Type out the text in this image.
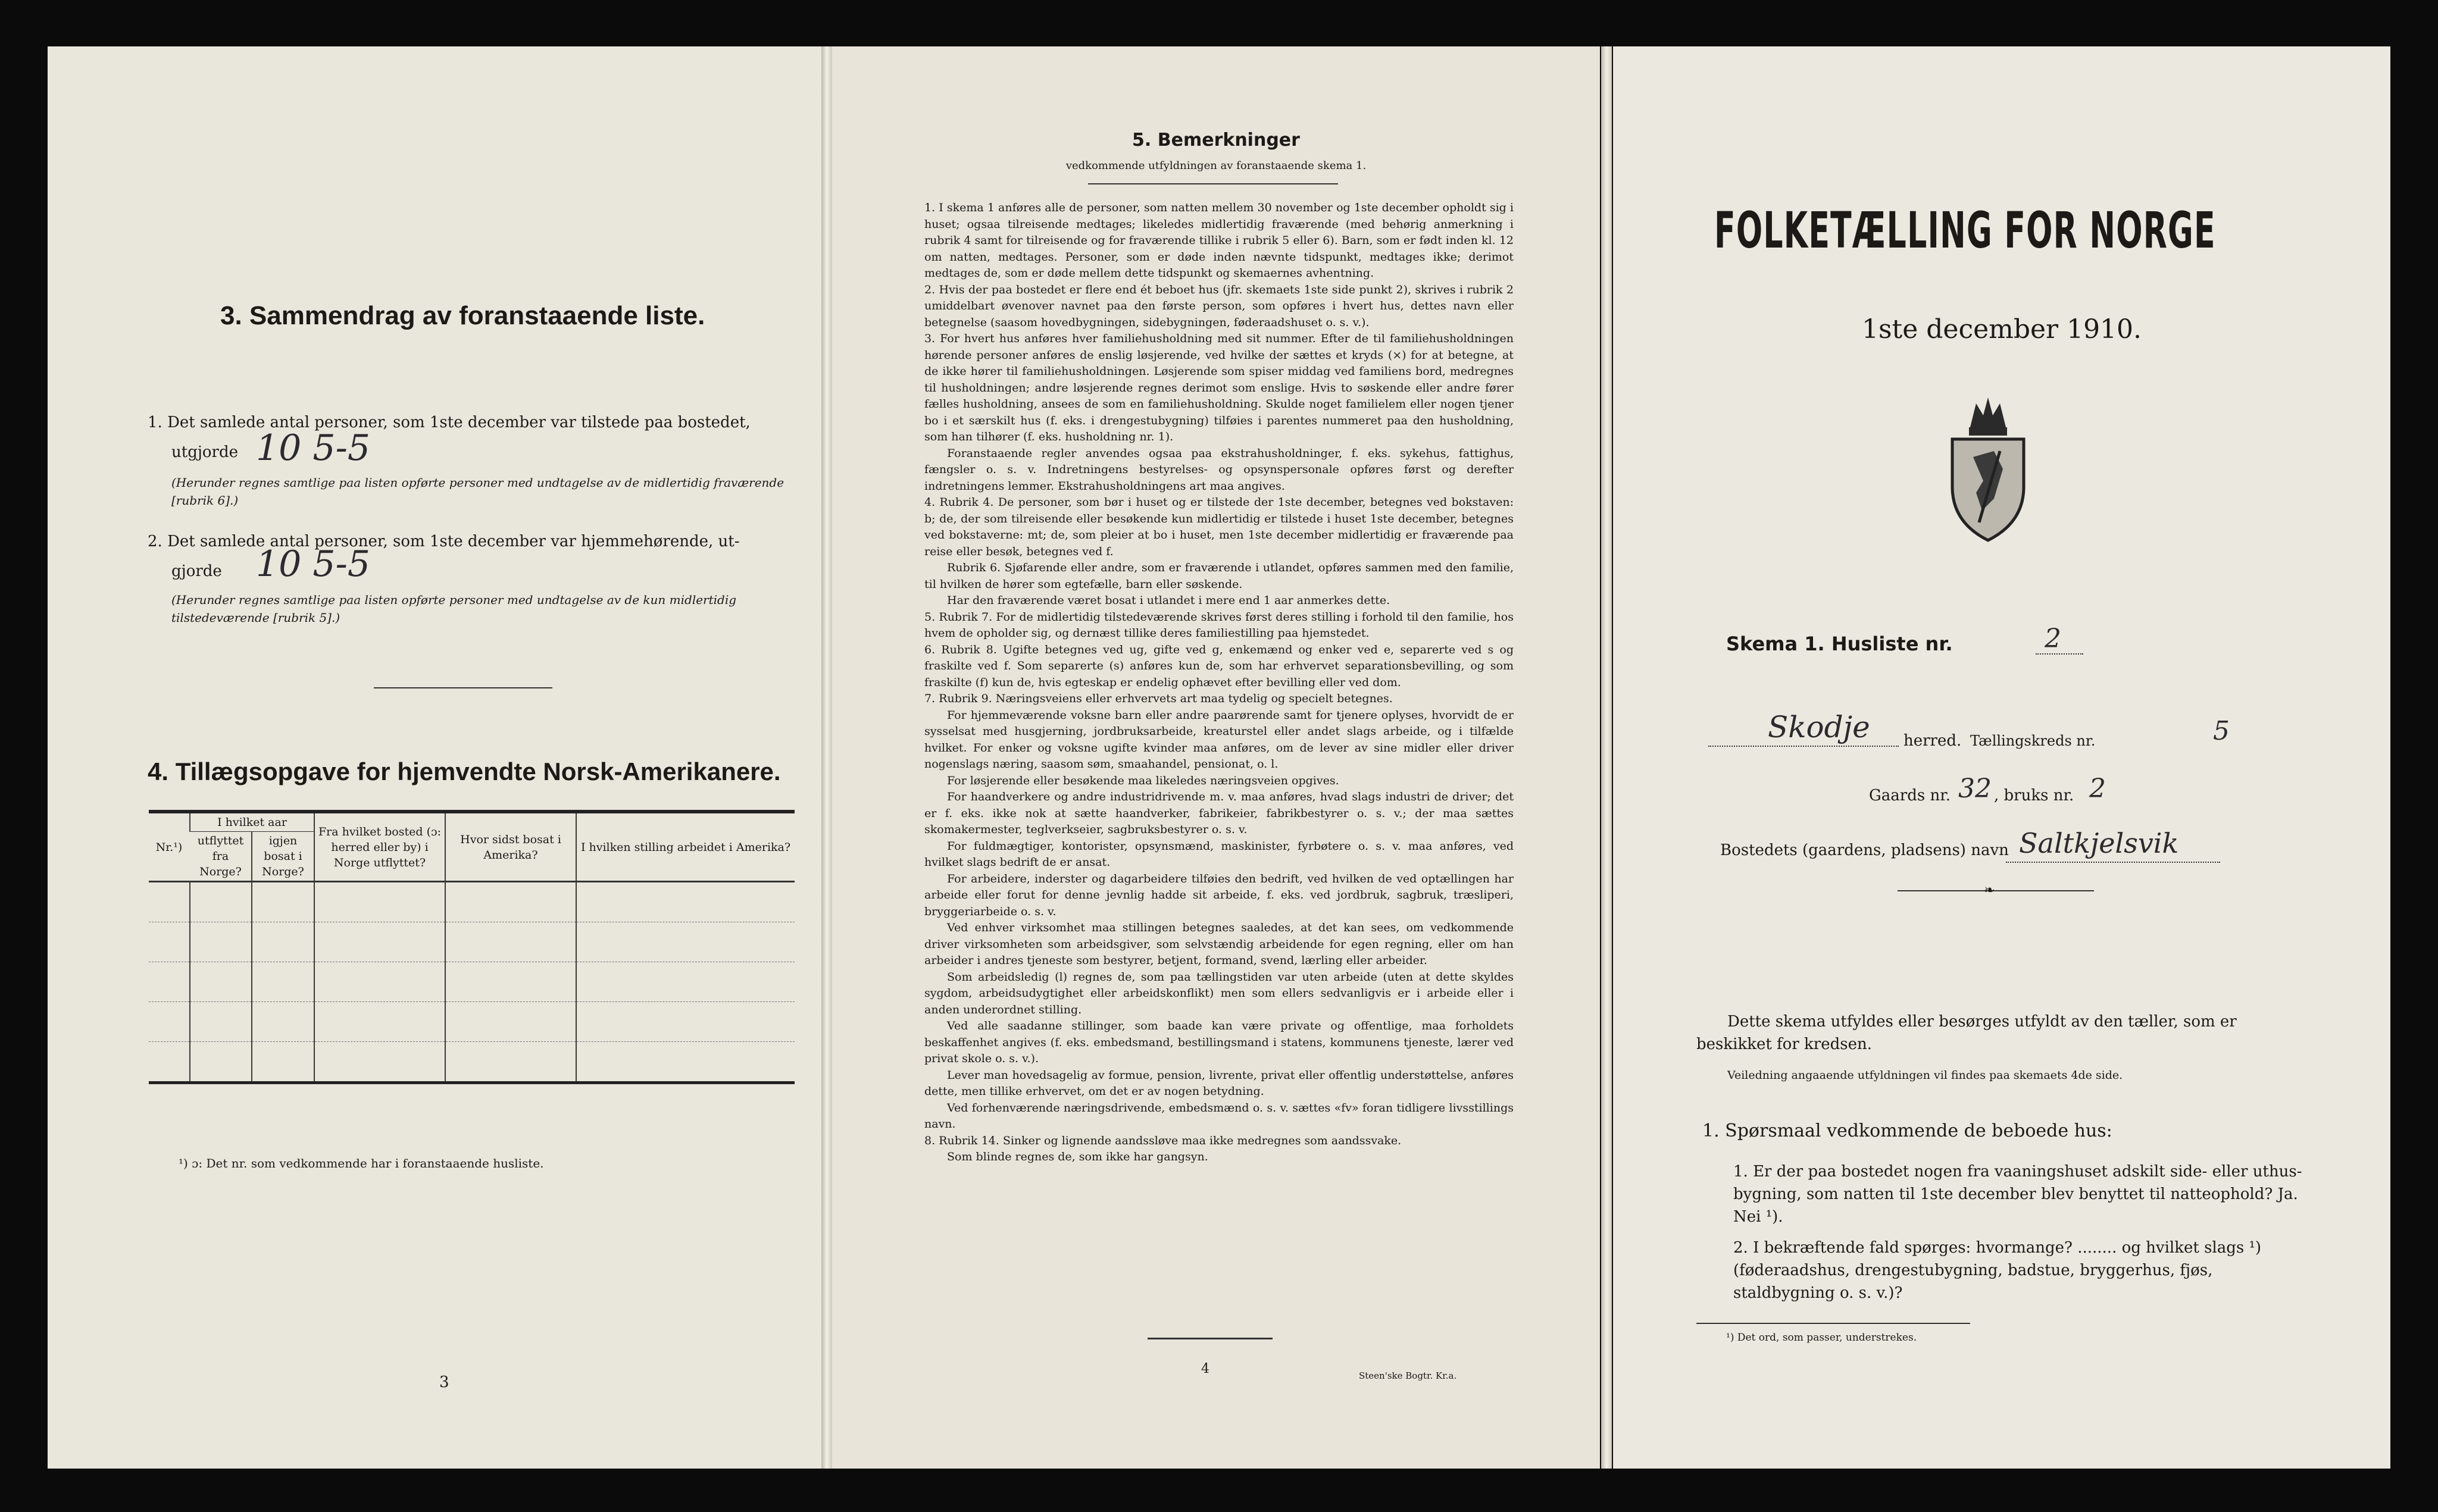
3. Sammendrag av foranstaaende liste.
1. Det samlede antal personer, som 1ste december var tilstede paa bostedet,
utgjorde 10 5-5
(Herunder regnes samtlige paa listen opførte personer med undtagelse av de midlertidig fraværende [rubrik 6].)
2. Det samlede antal personer, som 1ste december var hjemmehørende, ut-
gjorde 10 5-5
(Herunder regnes samtlige paa listen opførte personer med undtagelse av de kun midlertidig tilstedeværende [rubrik 5].)
4. Tillægsopgave for hjemvendte Norsk-Amerikanere.
Nr.¹)	I hvilket aar		Fra hvilket bosted (ɔ: herred eller by) i Norge utflyttet?	Hvor sidst bosat i Amerika?	I hvilken stilling arbeidet i Amerika?
	utflyttet fra Norge?	igjen bosat i Norge?			

¹) ɔ: Det nr. som vedkommende har i foranstaaende husliste.
3
5. Bemerkninger
vedkommende utfyldningen av foranstaaende skema 1.

1. I skema 1 anføres alle de personer, som natten mellem 30 november og 1ste december opholdt sig i huset; ogsaa tilreisende medtages; likeledes midlertidig fraværende (med behørig anmerkning i rubrik 4 samt for tilreisende og for fraværende tillike i rubrik 5 eller 6). Barn, som er født inden kl. 12 om natten, medtages. Personer, som er døde inden nævnte tidspunkt, medtages ikke; derimot medtages de, som er døde mellem dette tidspunkt og skemaernes avhentning.

2. Hvis der paa bostedet er flere end ét beboet hus (jfr. skemaets 1ste side punkt 2), skrives i rubrik 2 umiddelbart øvenover navnet paa den første person, som opføres i hvert hus, dettes navn eller betegnelse (saasom hovedbygningen, sidebygningen, føderaadshuset o. s. v.).

3. For hvert hus anføres hver familiehusholdning med sit nummer. Efter de til familiehusholdningen hørende personer anføres de enslig løsjerende, ved hvilke der sættes et kryds (×) for at betegne, at de ikke hører til familiehusholdningen. Løsjerende som spiser middag ved familiens bord, medregnes til husholdningen; andre løsjerende regnes derimot som enslige. Hvis to søskende eller andre fører fælles husholdning, ansees de som en familiehusholdning. Skulde noget familielem eller nogen tjener bo i et særskilt hus (f. eks. i drengestubygning) tilføies i parentes nummeret paa den husholdning, som han tilhører (f. eks. husholdning nr. 1).

Foranstaaende regler anvendes ogsaa paa ekstrahusholdninger, f. eks. sykehus, fattighus, fængsler o. s. v. Indretningens bestyrelses- og opsynspersonale opføres først og derefter indretningens lemmer. Ekstrahusholdningens art maa angives.

4. Rubrik 4. De personer, som bør i huset og er tilstede der 1ste december, betegnes ved bokstaven: b; de, der som tilreisende eller besøkende kun midlertidig er tilstede i huset 1ste december, betegnes ved bokstaverne: mt; de, som pleier at bo i huset, men 1ste december midlertidig er fraværende paa reise eller besøk, betegnes ved f.

Rubrik 6. Sjøfarende eller andre, som er fraværende i utlandet, opføres sammen med den familie, til hvilken de hører som egtefælle, barn eller søskende.

Har den fraværende været bosat i utlandet i mere end 1 aar anmerkes dette.

5. Rubrik 7. For de midlertidig tilstedeværende skrives først deres stilling i forhold til den familie, hos hvem de opholder sig, og dernæst tillike deres familiestilling paa hjemstedet.

6. Rubrik 8. Ugifte betegnes ved ug, gifte ved g, enkemænd og enker ved e, separerte ved s og fraskilte ved f. Som separerte (s) anføres kun de, som har erhvervet separationsbevilling, og som fraskilte (f) kun de, hvis egteskap er endelig ophævet efter bevilling eller ved dom.

7. Rubrik 9. Næringsveiens eller erhvervets art maa tydelig og specielt betegnes.

For hjemmeværende voksne barn eller andre paarørende samt for tjenere oplyses, hvorvidt de er sysselsat med husgjerning, jordbruksarbeide, kreaturstel eller andet slags arbeide, og i tilfælde hvilket. For enker og voksne ugifte kvinder maa anføres, om de lever av sine midler eller driver nogenslags næring, saasom søm, smaahandel, pensionat, o. l.

For løsjerende eller besøkende maa likeledes næringsveien opgives.

For haandverkere og andre industridrivende m. v. maa anføres, hvad slags industri de driver; det er f. eks. ikke nok at sætte haandverker, fabrikeier, fabrikbestyrer o. s. v.; der maa sættes skomakermester, teglverkseier, sagbruksbestyrer o. s. v.

For fuldmægtiger, kontorister, opsynsmænd, maskinister, fyrbøtere o. s. v. maa anføres, ved hvilket slags bedrift de er ansat.

For arbeidere, inderster og dagarbeidere tilføies den bedrift, ved hvilken de ved optællingen har arbeide eller forut for denne jevnlig hadde sit arbeide, f. eks. ved jordbruk, sagbruk, træsliperi, bryggeriarbeide o. s. v.

Ved enhver virksomhet maa stillingen betegnes saaledes, at det kan sees, om vedkommende driver virksomheten som arbeidsgiver, som selvstændig arbeidende for egen regning, eller om han arbeider i andres tjeneste som bestyrer, betjent, formand, svend, lærling eller arbeider.

Som arbeidsledig (l) regnes de, som paa tællingstiden var uten arbeide (uten at dette skyldes sygdom, arbeidsudygtighet eller arbeidskonflikt) men som ellers sedvanligvis er i arbeide eller i anden underordnet stilling.

Ved alle saadanne stillinger, som baade kan være private og offentlige, maa forholdets beskaffenhet angives (f. eks. embedsmand, bestillingsmand i statens, kommunens tjeneste, lærer ved privat skole o. s. v.).

Lever man hovedsagelig av formue, pension, livrente, privat eller offentlig understøttelse, anføres dette, men tillike erhvervet, om det er av nogen betydning.

Ved forhenværende næringsdrivende, embedsmænd o. s. v. sættes «fv» foran tidligere livsstillings navn.

8. Rubrik 14. Sinker og lignende aandssløve maa ikke medregnes som aandssvake.

Som blinde regnes de, som ikke har gangsyn.

4	Steen'ske Bogtr. Kr.a.
FOLKETÆLLING FOR NORGE
1ste december 1910.
Skema 1. Husliste nr.	2
Skodje herred. Tællingskreds nr.	5
Gaards nr. 32 , bruks nr. 2
Bostedets (gaardens, pladsens) navn Saltkjelsvik
❧
Dette skema utfyldes eller besørges utfyldt av den tæller, som er beskikket for kredsen.
Veiledning angaaende utfyldningen vil findes paa skemaets 4de side.
1. Spørsmaal vedkommende de beboede hus:
1. Er der paa bostedet nogen fra vaaningshuset adskilt side- eller uthus-bygning, som natten til 1ste december blev benyttet til natteophold? Ja. Nei ¹).
2. I bekræftende fald spørges: hvormange? ........ og hvilket slags ¹) (føderaadshus, drengestubygning, badstue, bryggerhus, fjøs, staldbygning o. s. v.)?
¹) Det ord, som passer, understrekes.
